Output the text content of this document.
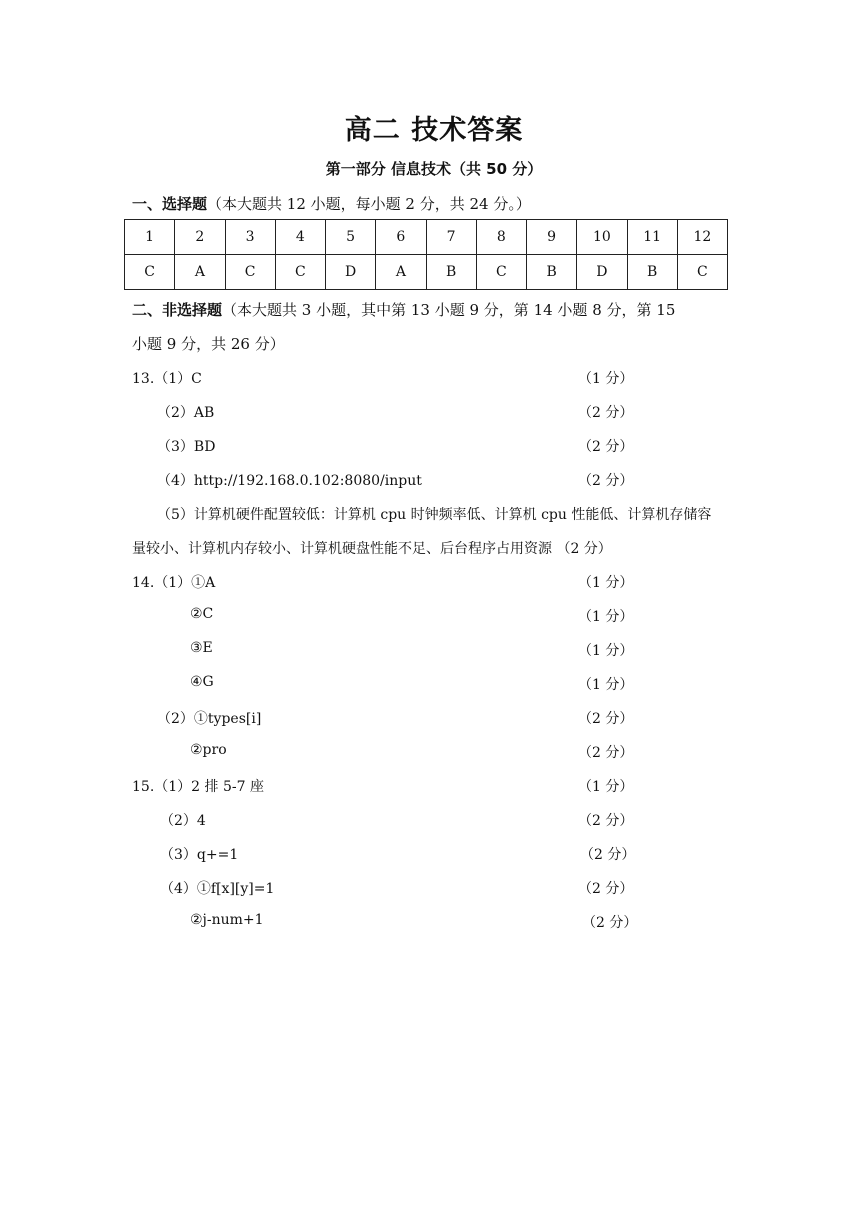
高二 技术答案
第一部分 信息技术（共 50 分）
一、选择题（本大题共 12 小题，每小题 2 分，共 24 分。）
1	2	3	4	5	6	7	8	9	10	11	12
C	A	C	C	D	A	B	C	B	D	B	C
二、非选择题（本大题共 3 小题，其中第 13 小题 9 分，第 14 小题 8 分，第 15
小题 9 分，共 26 分）
13.（1）C	（1 分）
（2）AB	（2 分）
（3）BD	（2 分）
（4）http://192.168.0.102:8080/input	（2 分）
（5）计算机硬件配置较低：计算机 cpu 时钟频率低、计算机 cpu 性能低、计算机存储容
量较小、计算机内存较小、计算机硬盘性能不足、后台程序占用资源 （2 分）
14.（1）①A	（1 分）
②C	（1 分）
③E	（1 分）
④G	（1 分）
（2）①types[i]	（2 分）
②pro	（2 分）
15.（1）2 排 5-7 座	（1 分）
（2）4	（2 分）
（3）q+=1	（2 分）
（4）①f[x][y]=1	（2 分）
②j-num+1	（2 分）
